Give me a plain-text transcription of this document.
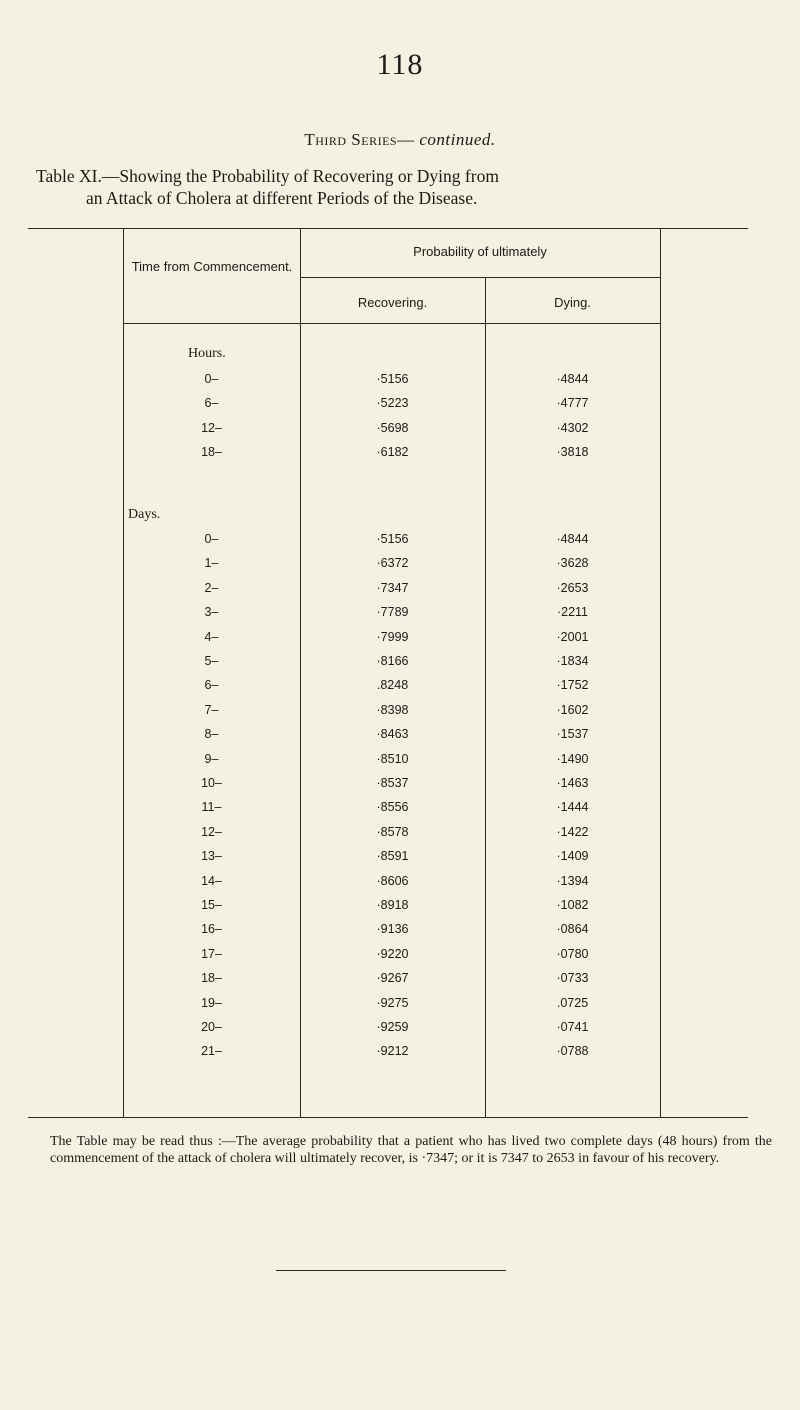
118
Third Series— continued.
Table XI.—Showing the Probability of Recovering or Dying from
an Attack of Cholera at different Periods of the Disease.
Time from Commencement.
Probability of ultimately
Recovering.	Dying.
Hours.
0–	·5156	·4844
6–	·5223	·4777
12–	·5698	·4302
18–	·6182	·3818
Days.
0–	·5156	·4844
1–	·6372	·3628
2–	·7347	·2653
3–	·7789	·2211
4–	·7999	·2001
5–	·8166	·1834
6–	.8248	·1752
7–	·8398	·1602
8–	·8463	·1537
9–	·8510	·1490
10–	·8537	·1463
11–	·8556	·1444
12–	·8578	·1422
13–	·8591	·1409
14–	·8606	·1394
15–	·8918	·1082
16–	·9136	·0864
17–	·9220	·0780
18–	·9267	·0733
19–	·9275	.0725
20–	·9259	·0741
21–	·9212	·0788
The Table may be read thus :—The average probability that a patient who has lived two complete days (48 hours) from the commencement of the attack of cholera will ultimately recover, is ·7347; or it is 7347 to 2653 in favour of his recovery.
